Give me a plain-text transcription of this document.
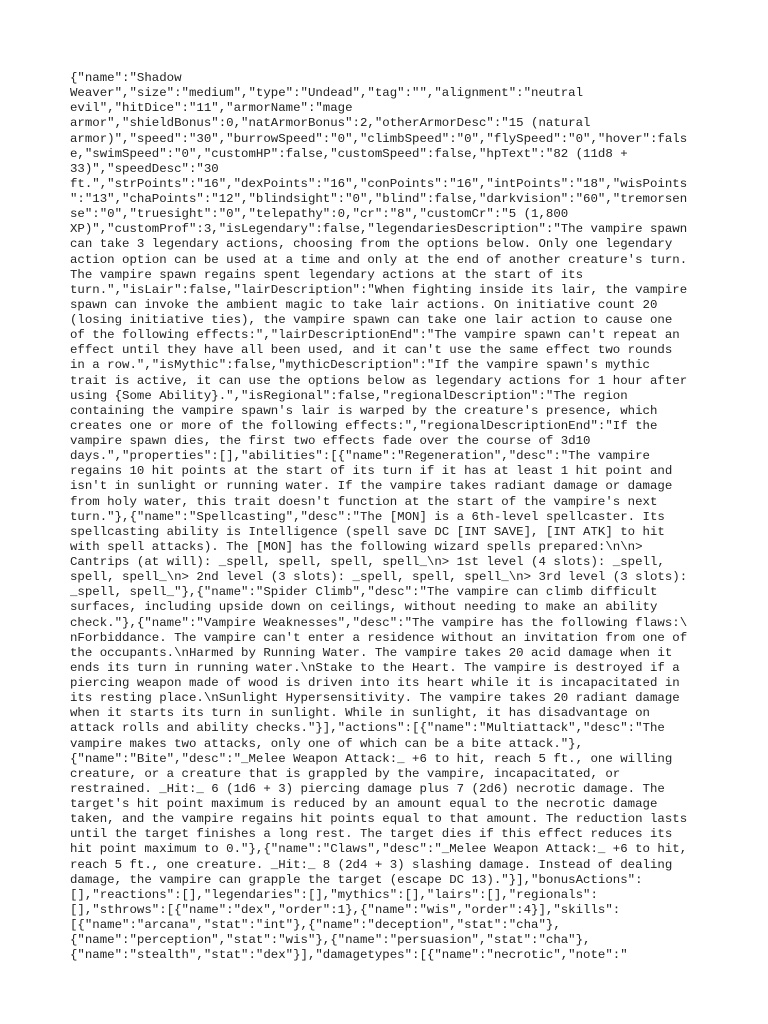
{"name":"Shadow
Weaver","size":"medium","type":"Undead","tag":"","alignment":"neutral
evil","hitDice":"11","armorName":"mage
armor","shieldBonus":0,"natArmorBonus":2,"otherArmorDesc":"15 (natural
armor)","speed":"30","burrowSpeed":"0","climbSpeed":"0","flySpeed":"0","hover":fals
e,"swimSpeed":"0","customHP":false,"customSpeed":false,"hpText":"82 (11d8 +
33)","speedDesc":"30
ft.","strPoints":"16","dexPoints":"16","conPoints":"16","intPoints":"18","wisPoints
":"13","chaPoints":"12","blindsight":"0","blind":false,"darkvision":"60","tremorsen
se":"0","truesight":"0","telepathy":0,"cr":"8","customCr":"5 (1,800
XP)","customProf":3,"isLegendary":false,"legendariesDescription":"The vampire spawn
can take 3 legendary actions, choosing from the options below. Only one legendary
action option can be used at a time and only at the end of another creature's turn.
The vampire spawn regains spent legendary actions at the start of its
turn.","isLair":false,"lairDescription":"When fighting inside its lair, the vampire
spawn can invoke the ambient magic to take lair actions. On initiative count 20
(losing initiative ties), the vampire spawn can take one lair action to cause one
of the following effects:","lairDescriptionEnd":"The vampire spawn can't repeat an
effect until they have all been used, and it can't use the same effect two rounds
in a row.","isMythic":false,"mythicDescription":"If the vampire spawn's mythic
trait is active, it can use the options below as legendary actions for 1 hour after
using {Some Ability}.","isRegional":false,"regionalDescription":"The region
containing the vampire spawn's lair is warped by the creature's presence, which
creates one or more of the following effects:","regionalDescriptionEnd":"If the
vampire spawn dies, the first two effects fade over the course of 3d10
days.","properties":[],"abilities":[{"name":"Regeneration","desc":"The vampire
regains 10 hit points at the start of its turn if it has at least 1 hit point and
isn't in sunlight or running water. If the vampire takes radiant damage or damage
from holy water, this trait doesn't function at the start of the vampire's next
turn."},{"name":"Spellcasting","desc":"The [MON] is a 6th-level spellcaster. Its
spellcasting ability is Intelligence (spell save DC [INT SAVE], [INT ATK] to hit
with spell attacks). The [MON] has the following wizard spells prepared:\n\n>
Cantrips (at will): _spell, spell, spell, spell_\n> 1st level (4 slots): _spell,
spell, spell_\n> 2nd level (3 slots): _spell, spell, spell_\n> 3rd level (3 slots):
_spell, spell_"},{"name":"Spider Climb","desc":"The vampire can climb difficult
surfaces, including upside down on ceilings, without needing to make an ability
check."},{"name":"Vampire Weaknesses","desc":"The vampire has the following flaws:\
nForbiddance. The vampire can't enter a residence without an invitation from one of
the occupants.\nHarmed by Running Water. The vampire takes 20 acid damage when it
ends its turn in running water.\nStake to the Heart. The vampire is destroyed if a
piercing weapon made of wood is driven into its heart while it is incapacitated in
its resting place.\nSunlight Hypersensitivity. The vampire takes 20 radiant damage
when it starts its turn in sunlight. While in sunlight, it has disadvantage on
attack rolls and ability checks."}],"actions":[{"name":"Multiattack","desc":"The
vampire makes two attacks, only one of which can be a bite attack."},
{"name":"Bite","desc":"_Melee Weapon Attack:_ +6 to hit, reach 5 ft., one willing
creature, or a creature that is grappled by the vampire, incapacitated, or
restrained. _Hit:_ 6 (1d6 + 3) piercing damage plus 7 (2d6) necrotic damage. The
target's hit point maximum is reduced by an amount equal to the necrotic damage
taken, and the vampire regains hit points equal to that amount. The reduction lasts
until the target finishes a long rest. The target dies if this effect reduces its
hit point maximum to 0."},{"name":"Claws","desc":"_Melee Weapon Attack:_ +6 to hit,
reach 5 ft., one creature. _Hit:_ 8 (2d4 + 3) slashing damage. Instead of dealing
damage, the vampire can grapple the target (escape DC 13)."}],"bonusActions":
[],"reactions":[],"legendaries":[],"mythics":[],"lairs":[],"regionals":
[],"sthrows":[{"name":"dex","order":1},{"name":"wis","order":4}],"skills":
[{"name":"arcana","stat":"int"},{"name":"deception","stat":"cha"},
{"name":"perception","stat":"wis"},{"name":"persuasion","stat":"cha"},
{"name":"stealth","stat":"dex"}],"damagetypes":[{"name":"necrotic","note":"
